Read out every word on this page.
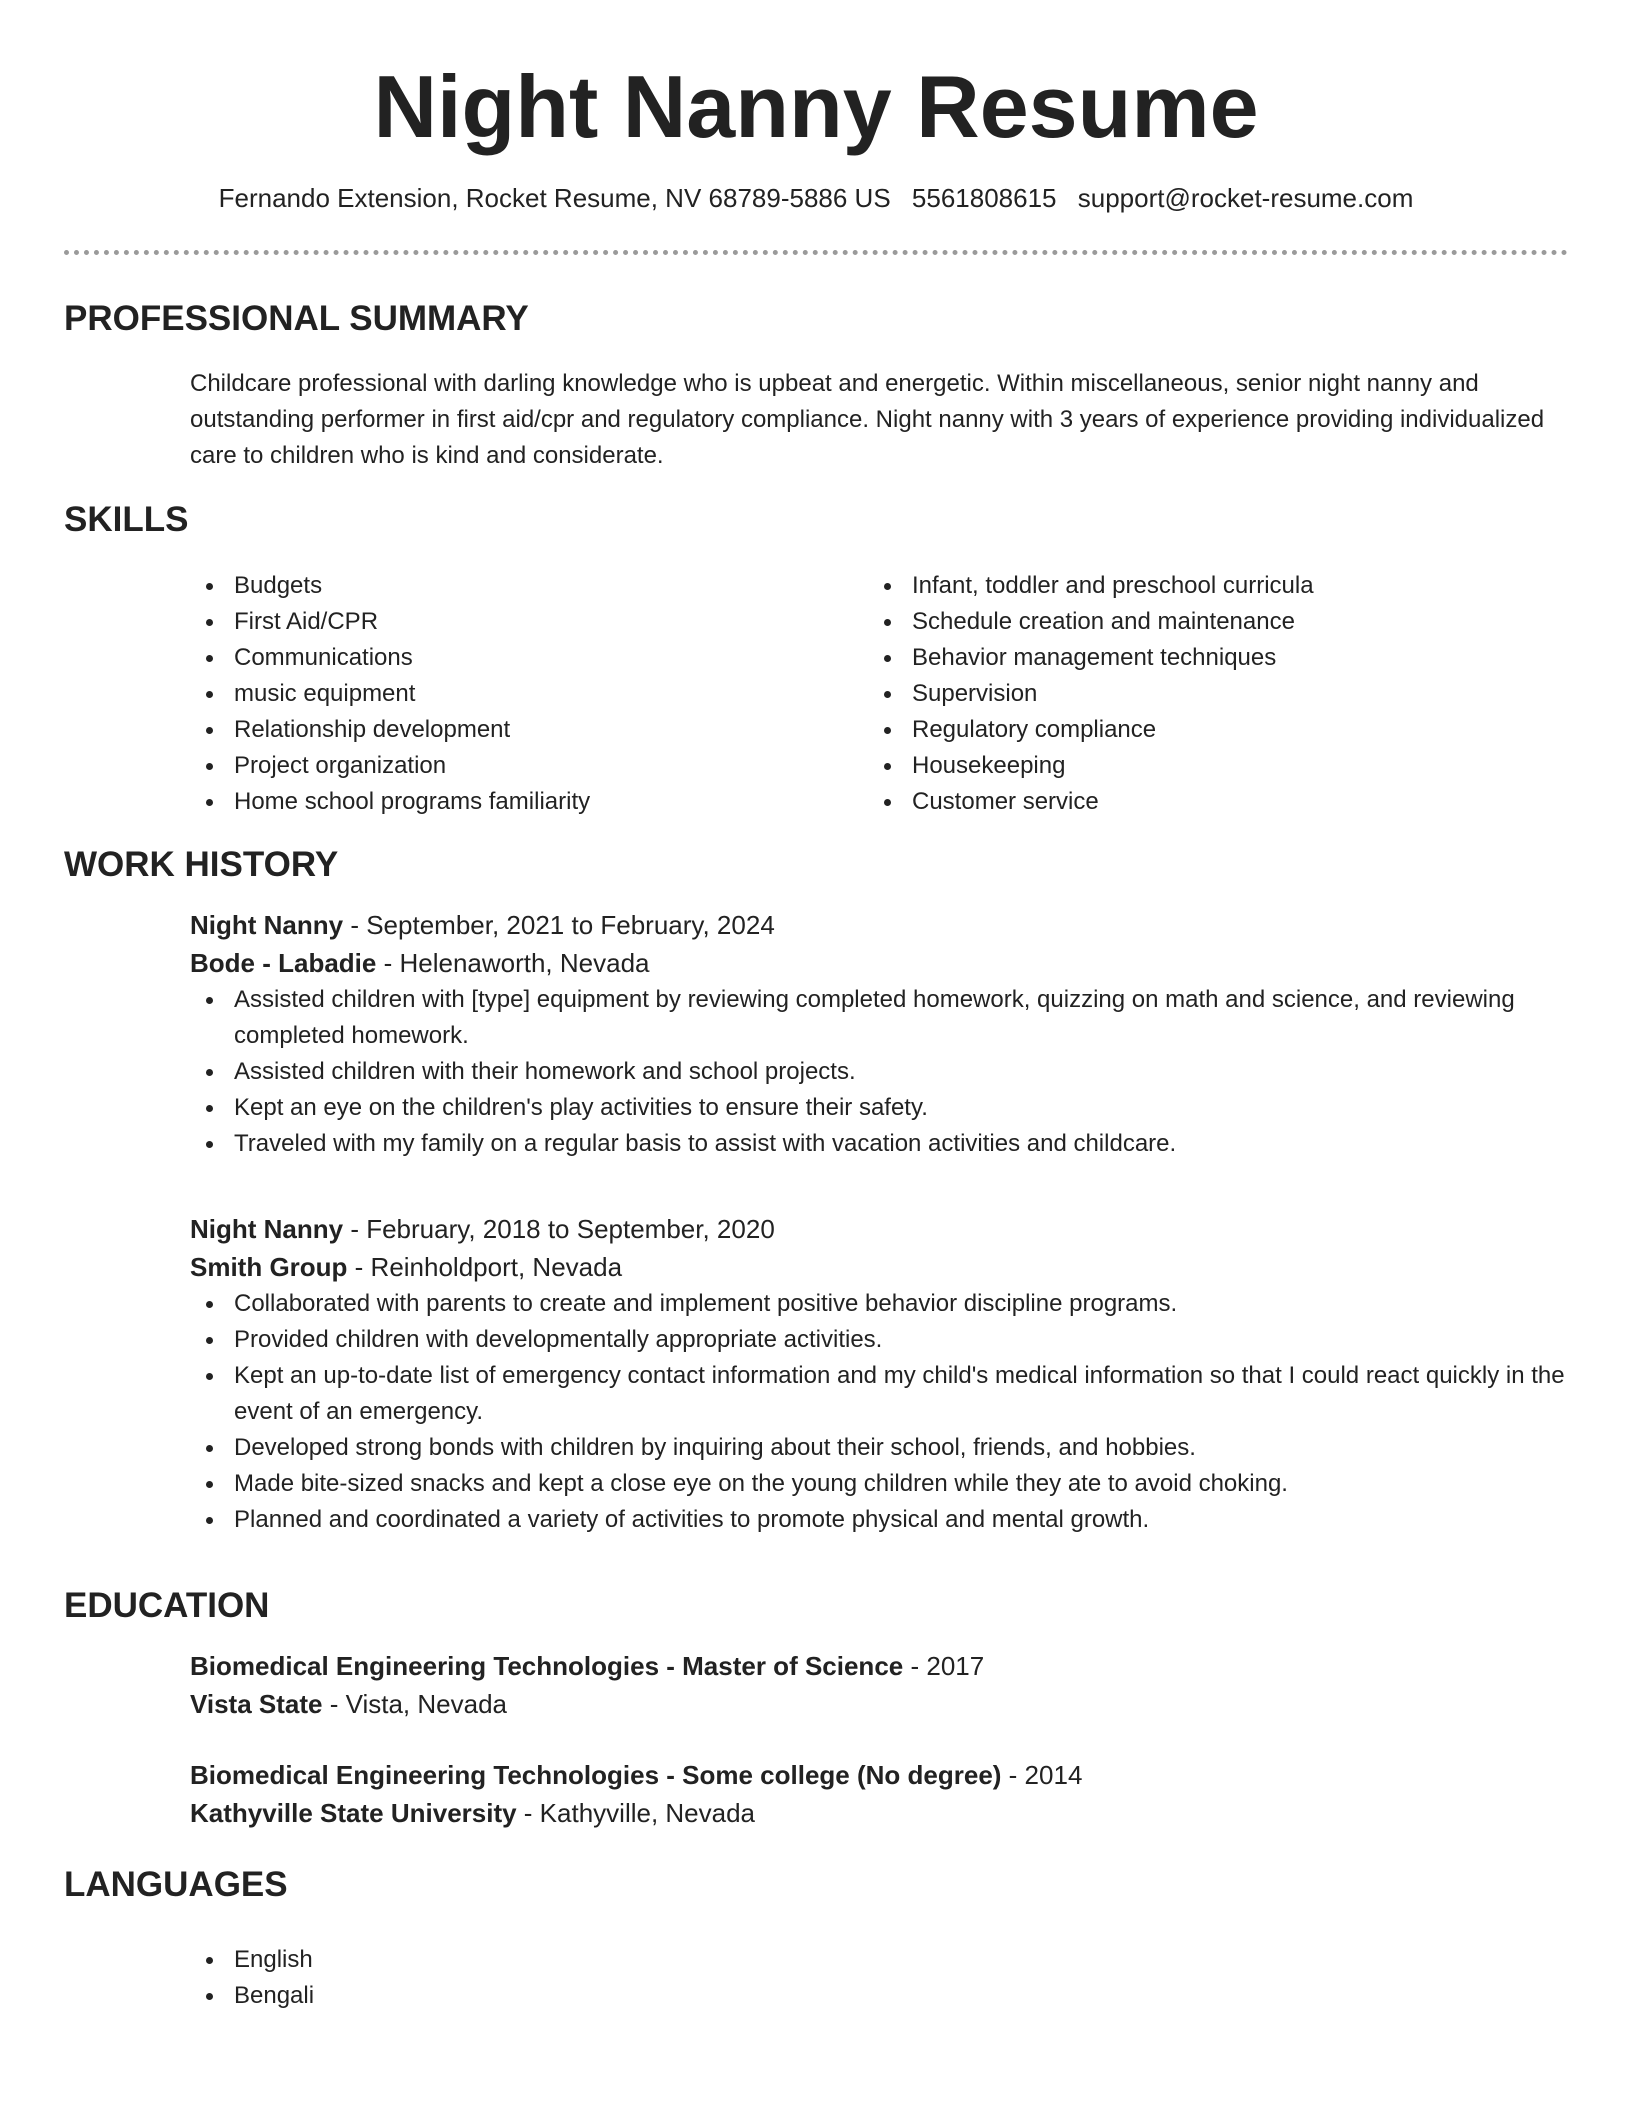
Night Nanny Resume
Fernando Extension, Rocket Resume, NV 68789-5886 US 5561808615 support@rocket-resume.com
PROFESSIONAL SUMMARY
Childcare professional with darling knowledge who is upbeat and energetic. Within miscellaneous, senior night nanny and outstanding performer in first aid/cpr and regulatory compliance. Night nanny with 3 years of experience providing individualized care to children who is kind and considerate.
SKILLS
Budgets
First Aid/CPR
Communications
music equipment
Relationship development
Project organization
Home school programs familiarity
Infant, toddler and preschool curricula
Schedule creation and maintenance
Behavior management techniques
Supervision
Regulatory compliance
Housekeeping
Customer service
WORK HISTORY
Night Nanny - September, 2021 to February, 2024
Bode - Labadie - Helenaworth, Nevada
Assisted children with [type] equipment by reviewing completed homework, quizzing on math and science, and reviewing completed homework.
Assisted children with their homework and school projects.
Kept an eye on the children's play activities to ensure their safety.
Traveled with my family on a regular basis to assist with vacation activities and childcare.
Night Nanny - February, 2018 to September, 2020
Smith Group - Reinholdport, Nevada
Collaborated with parents to create and implement positive behavior discipline programs.
Provided children with developmentally appropriate activities.
Kept an up-to-date list of emergency contact information and my child's medical information so that I could react quickly in the event of an emergency.
Developed strong bonds with children by inquiring about their school, friends, and hobbies.
Made bite-sized snacks and kept a close eye on the young children while they ate to avoid choking.
Planned and coordinated a variety of activities to promote physical and mental growth.
EDUCATION
Biomedical Engineering Technologies - Master of Science - 2017
Vista State - Vista, Nevada
Biomedical Engineering Technologies - Some college (No degree) - 2014
Kathyville State University - Kathyville, Nevada
LANGUAGES
English
Bengali
